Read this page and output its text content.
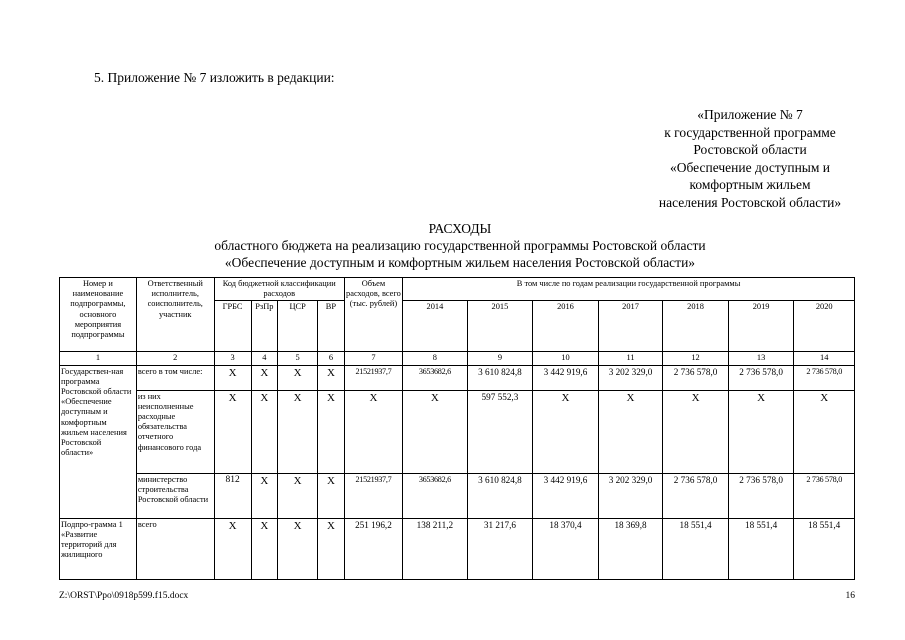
5. Приложение № 7 изложить в редакции:
«Приложение № 7
к государственной программе
Ростовской области
«Обеспечение доступным и
комфортным жильем
населения Ростовской области»
РАСХОДЫ
областного бюджета на реализацию государственной программы Ростовской области
«Обеспечение доступным и комфортным жильем населения Ростовской области»
Номер и наименование подпрограммы, основного мероприятия подпрограммы	Ответственный исполнитель, соисполнитель, участник	Код бюджетной классификации расходов				Объем расходов, всего (тыс. рублей)	В том числе по годам реализации государственной программы						
		ГРБС	РзПр	ЦСР	ВР		2014	2015	2016	2017	2018	2019	2020
1	2	3	4	5	6	7	8	9	10	11	12	13	14
Государствен-ная программа Ростовской области «Обеспечение доступным и комфортным жильем населения Ростовской области»	всего в том числе:	X	X	X	X	21521937,7	3653682,6	3 610 824,8	3 442 919,6	3 202 329,0	2 736 578,0	2 736 578,0	2 736 578,0
	из них неисполненные расходные обязательства отчетного финансового года	X	X	X	X	X	X	597 552,3	X	X	X	X	X
	министерство строительства Ростовской области	812	X	X	X	21521937,7	3653682,6	3 610 824,8	3 442 919,6	3 202 329,0	2 736 578,0	2 736 578,0	2 736 578,0
Подпро-грамма 1 «Развитие территорий для жилищного	всего	X	X	X	X	251 196,2	138 211,2	31 217,6	18 370,4	18 369,8	18 551,4	18 551,4	18 551,4
Z:\ORST\Ppo\0918p599.f15.docx	16
